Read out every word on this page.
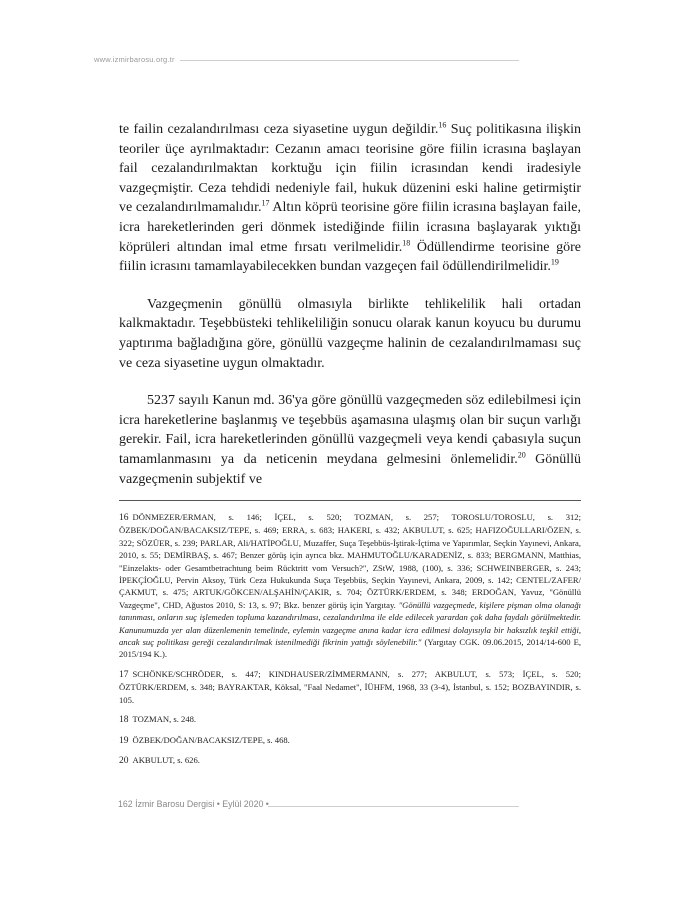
www.izmirbarosu.org.tr

te failin cezalandırılması ceza siyasetine uygun değildir.$^{16}$ Suç politikasına ilişkin teoriler üçe ayrılmaktadır: Cezanın amacı teorisine göre fiilin icrasına başlayan fail cezalandırılmaktan korktuğu için fiilin icrasından kendi iradesiyle vazgeçmiştir. Ceza tehdidi nedeniyle fail, hukuk düzenini eski haline getirmiştir ve cezalandırılmamalıdır.$^{17}$ Altın köprü teorisine göre fiilin icrasına başlayan faile, icra hareketlerinden geri dönmek istediğinde fiilin icrasına başlayarak yıktığı köprüleri altından imal etme fırsatı verilmelidir.$^{18}$ Ödüllendirme teorisine göre fiilin icrasını tamamlayabilecekken bundan vazgeçen fail ödüllendirilmelidir.$^{19}$

Vazgeçmenin gönüllü olmasıyla birlikte tehlikelilik hali ortadan kalkmaktadır. Teşebbüsteki tehlikeliliğin sonucu olarak kanun koyucu bu durumu yaptırıma bağladığına göre, gönüllü vazgeçme halinin de cezalandırılmaması suç ve ceza siyasetine uygun olmaktadır.

5237 sayılı Kanun md. 36'ya göre gönüllü vazgeçmeden söz edilebilmesi için icra hareketlerine başlanmış ve teşebbüs aşamasına ulaşmış olan bir suçun varlığı gerekir. Fail, icra hareketlerinden gönüllü vazgeçmeli veya kendi çabasıyla suçun tamamlanmasını ya da neticenin meydana gelmesini önlemelidir.$^{20}$ Gönüllü vazgeçmenin subjektif ve

16 DÖNMEZER/ERMAN, s. 146; İÇEL, s. 520; TOZMAN, s. 257; TOROSLU/TOROSLU, s. 312; ÖZBEK/DOĞAN/BACAKSIZ/TEPE, s. 469; ERRA, s. 683; HAKERI, s. 432; AKBULUT, s. 625; HAFIZOĞULLARI/ÖZEN, s. 322; SÖZÜER, s. 239; PARLAR, Ali/HATİPOĞLU, Muzaffer, Suça Teşebbüs-İştirak-İçtima ve Yapırımlar, Seçkin Yayınevi, Ankara, 2010, s. 55; DEMİRBAŞ, s. 467; Benzer görüş için ayrıca bkz. MAHMUTOĞLU/KARADENİZ, s. 833; BERGMANN, Matthias, "Einzelakts- oder Gesamtbetrachtung beim Rücktritt vom Versuch?", ZStW, 1988, (100), s. 336; SCHWEINBERGER, s. 243; İPEKÇİOĞLU, Pervin Aksoy, Türk Ceza Hukukunda Suça Teşebbüs, Seçkin Yayınevi, Ankara, 2009, s. 142; CENTEL/ZAFER/ÇAKMUT, s. 475; ARTUK/GÖKCEN/ALŞAHİN/ÇAKIR, s. 704; ÖZTÜRK/ERDEM, s. 348; ERDOĞAN, Yavuz, "Gönüllü Vazgeçme", CHD, Ağustos 2010, S: 13, s. 97; Bkz. benzer görüş için Yargıtay. "Gönüllü vazgeçmede, kişilere pişman olma olanağı tanınması, onların suç işlemeden topluma kazandırılması, cezalandırılma ile elde edilecek yarardan çok daha faydalı görülmektedir. Kanunumuzda yer alan düzenlemenin temelinde, eylemin vazgeçme anına kadar icra edilmesi dolayısıyla bir haksızlık teşkil ettiği, ancak suç politikası gereği cezalandırılmak istenilmediği fikrinin yattığı söylenebilir." (Yargıtay CGK. 09.06.2015, 2014/14-600 E, 2015/194 K.).
17 SCHÖNKE/SCHRÖDER, s. 447; KINDHAUSER/ZİMMERMANN, s. 277; AKBULUT, s. 573; İÇEL, s. 520; ÖZTÜRK/ERDEM, s. 348; BAYRAKTAR, Köksal, "Faal Nedamet", İÜHFM, 1968, 33 (3-4), İstanbul, s. 152; BOZBAYINDIR, s. 105.
18 TOZMAN, s. 248.
19 ÖZBEK/DOĞAN/BACAKSIZ/TEPE, s. 468.
20 AKBULUT, s. 626.
162 İzmir Barosu Dergisi • Eylül 2020 •
